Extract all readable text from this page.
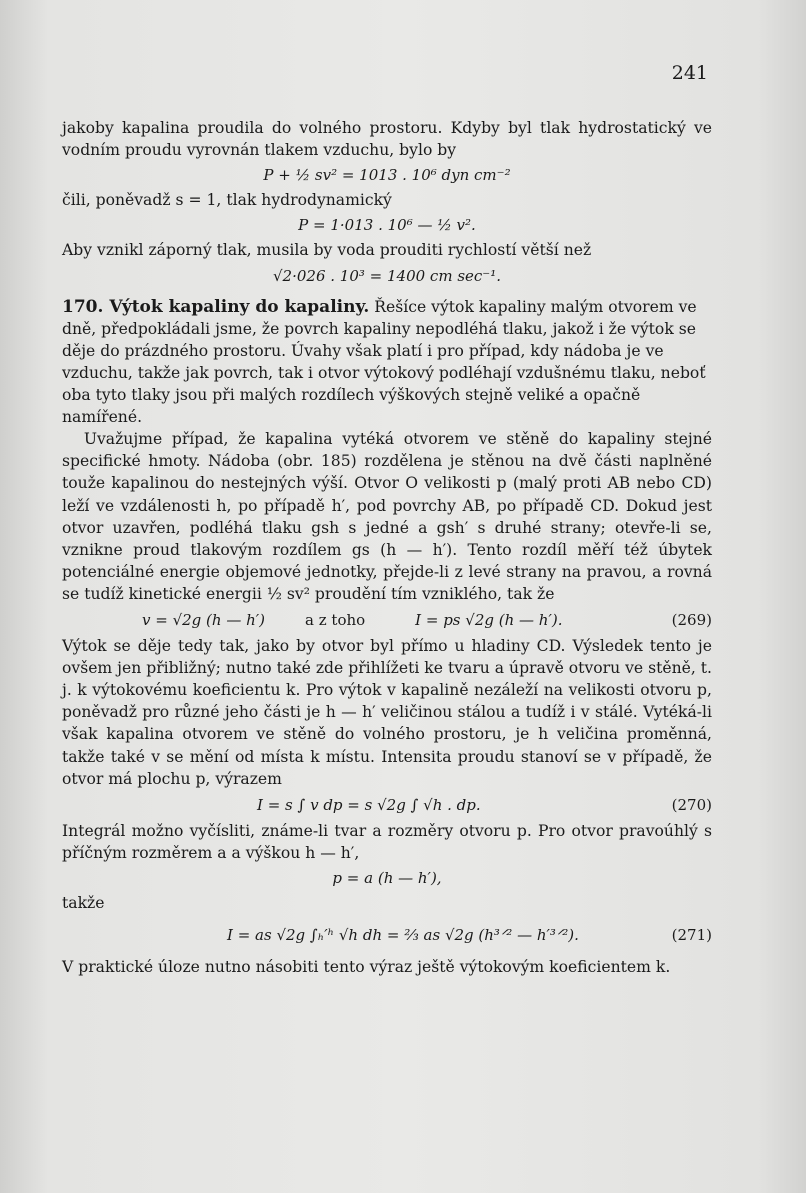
241

jakoby kapalina proudila do volného prostoru. Kdyby byl tlak hydrostatický ve vodním proudu vyrovnán tlakem vzduchu, bylo by

P + ½ sv² = 1013 . 10⁶ dyn cm⁻²

čili, poněvadž s = 1, tlak hydrodynamický

P = 1·013 . 10⁶ — ½ v².

Aby vznikl záporný tlak, musila by voda prouditi rychlostí větší než

√2·026 . 10³ = 1400 cm sec⁻¹.

170. Výtok kapaliny do kapaliny. Řešíce výtok kapaliny malým otvorem ve dně, předpokládali jsme, že povrch kapaliny nepodléhá tlaku, jakož i že výtok se děje do prázdného prostoru. Úvahy však platí i pro případ, kdy nádoba je ve vzduchu, takže jak povrch, tak i otvor výtokový podléhají vzdušnému tlaku, neboť oba tyto tlaky jsou při malých rozdílech výškových stejně veliké a opačně namířené.

Uvažujme případ, že kapalina vytéká otvorem ve stěně do kapaliny stejné specifické hmoty. Nádoba (obr. 185) rozdělena je stěnou na dvě části naplněné touže kapalinou do nestejných výší. Otvor O velikosti p (malý proti AB nebo CD) leží ve vzdálenosti h, po případě h′, pod povrchy AB, po případě CD. Dokud jest otvor uzavřen, podléhá tlaku gsh s jedné a gsh′ s druhé strany; otevře-li se, vznikne proud tlakovým rozdílem gs (h — h′). Tento rozdíl měří též úbytek potenciálné energie objemové jednotky, přejde-li z levé strany na pravou, a rovná se tudíž kinetické energii ½ sv² proudění tím vzniklého, tak že

v = √2g (h — h′)	a z toho	I = ps √2g (h — h′).	(269)

Výtok se děje tedy tak, jako by otvor byl přímo u hladiny CD. Výsledek tento je ovšem jen přibližný; nutno také zde přihlížeti ke tvaru a úpravě otvoru ve stěně, t. j. k výtokovému koeficientu k. Pro výtok v kapalině nezáleží na velikosti otvoru p, poněvadž pro různé jeho části je h — h′ veličinou stálou a tudíž i v stálé. Vytéká-li však kapalina otvorem ve stěně do volného prostoru, je h veličina proměnná, takže také v se mění od místa k místu. Intensita proudu stanoví se v případě, že otvor má plochu p, výrazem

I = s ∫ v dp = s √2g ∫ √h . dp.	(270)

Integrál možno vyčísliti, známe-li tvar a rozměry otvoru p. Pro otvor pravoúhlý s příčným rozměrem a a výškou h — h′,

p = a (h — h′),

takže

I = as √2g ∫ₕ′ʰ √h dh = ⅔ as √2g (h³ᐟ² — h′³ᐟ²).	(271)

V praktické úloze nutno násobiti tento výraz ještě výtokovým koeficientem k.
